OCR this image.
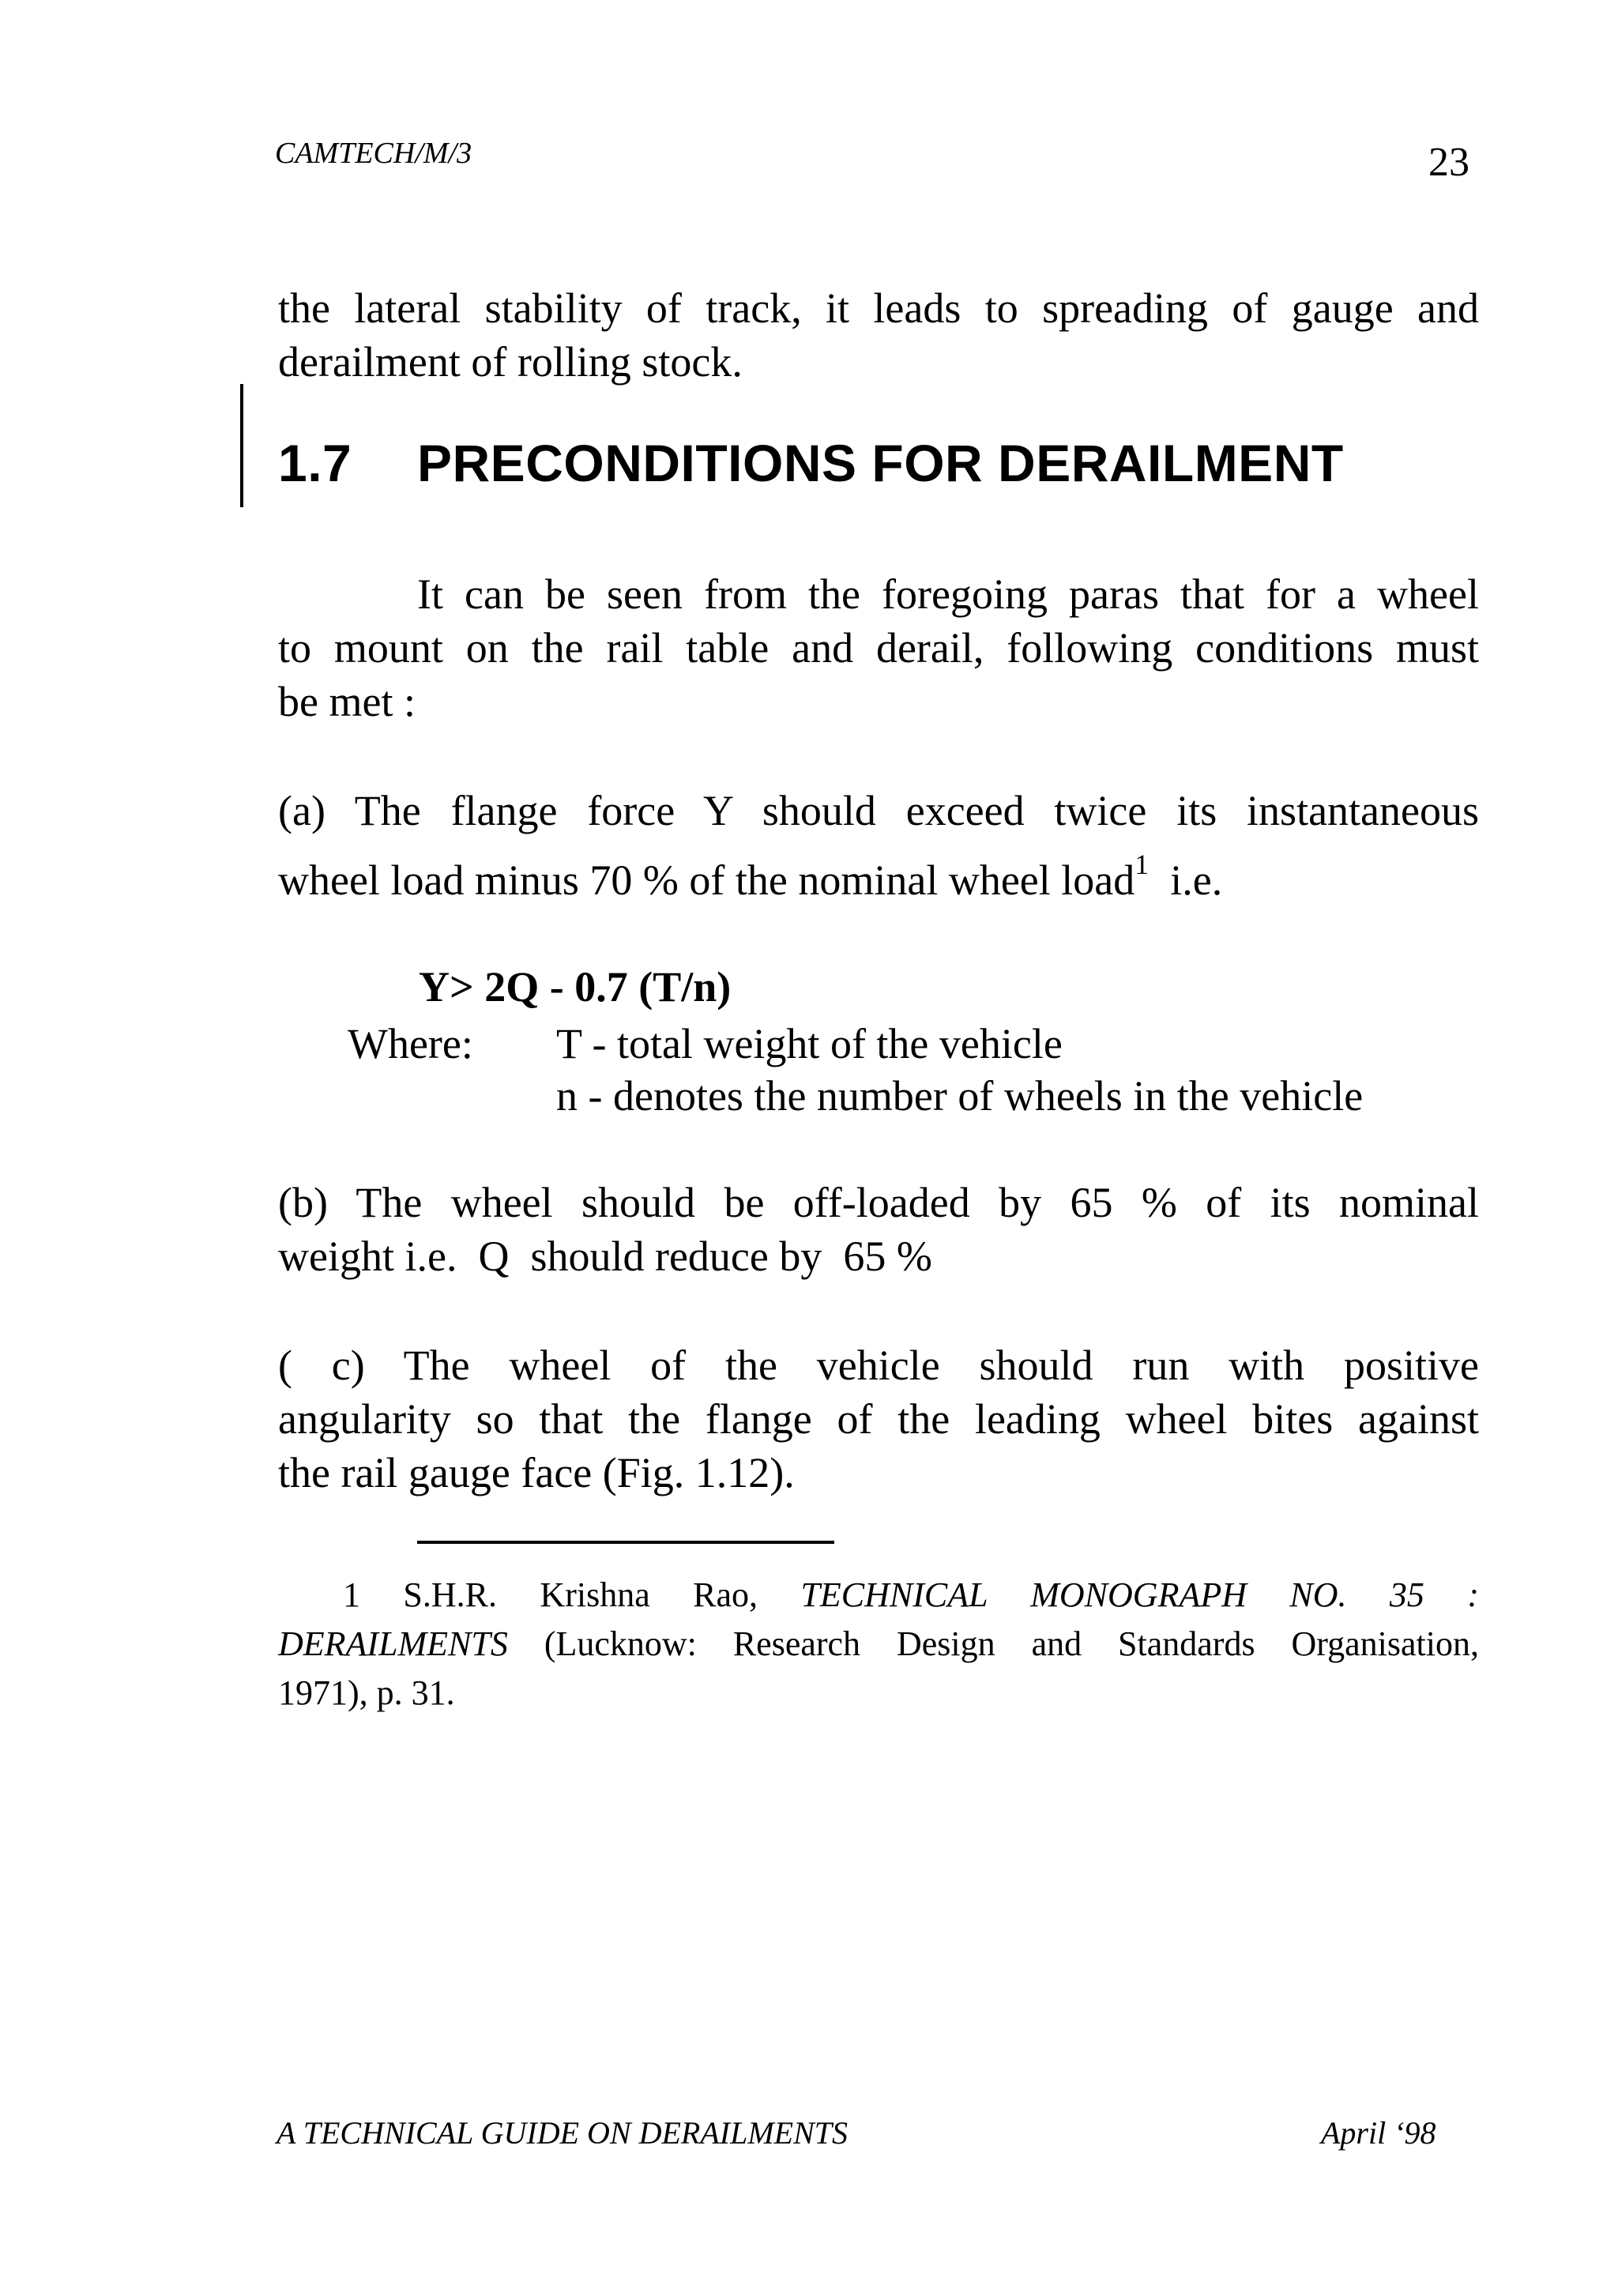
CAMTECH/M/3	23
the lateral stability of track, it leads to spreading of gauge and
derailment of rolling stock.
1.7 PRECONDITIONS FOR DERAILMENT
It can be seen from the foregoing paras that for a wheel
to mount on the rail table and derail, following conditions must
be met :
(a) The flange force Y should exceed twice its instantaneous
wheel load minus 70 % of the nominal wheel load$^1$  i.e.
Y> 2Q - 0.7 (T/n)
Where: T - total weight of the vehicle
n - denotes the number of wheels in the vehicle
(b) The wheel should be off-loaded by 65 % of its nominal
weight i.e.  Q  should reduce by  65 %
( c) The wheel of the vehicle should run with positive
angularity so that the flange of the leading wheel bites against
the rail gauge face (Fig. 1.12).
1 S.H.R. Krishna Rao, TECHNICAL MONOGRAPH NO. 35 :
DERAILMENTS (Lucknow: Research Design and Standards Organisation,
1971), p. 31.
A TECHNICAL GUIDE ON DERAILMENTS	April ‘98
